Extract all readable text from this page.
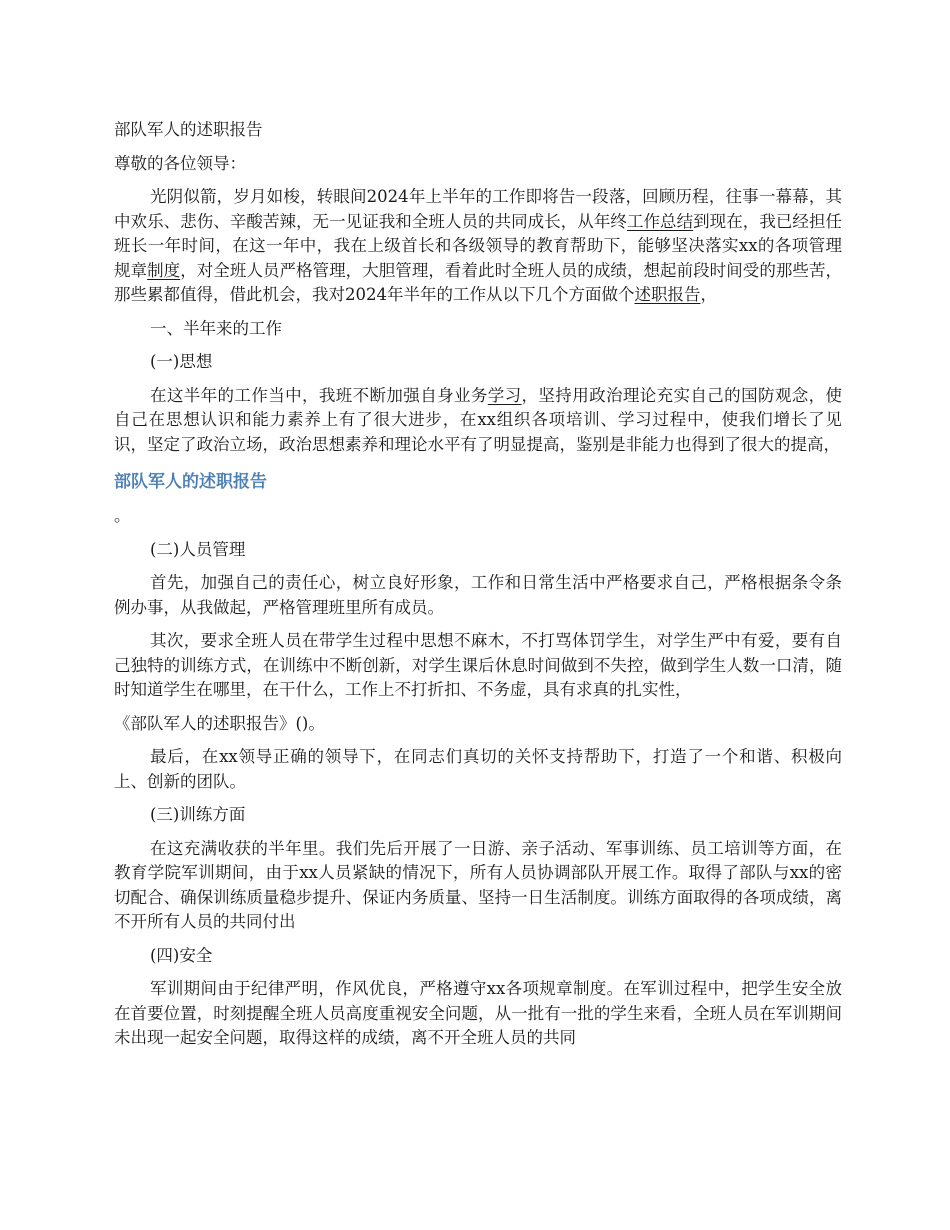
部队军人的述职报告

尊敬的各位领导：

光阴似箭，岁月如梭，转眼间2024年上半年的工作即将告一段落，回顾历程，往事一幕幕，其中欢乐、悲伤、辛酸苦辣，无一见证我和全班人员的共同成长，从年终工作总结到现在，我已经担任班长一年时间，在这一年中，我在上级首长和各级领导的教育帮助下，能够坚决落实xx的各项管理规章制度，对全班人员严格管理，大胆管理，看着此时全班人员的成绩，想起前段时间受的那些苦，那些累都值得，借此机会，我对2024年半年的工作从以下几个方面做个述职报告，

一、半年来的工作

(一)思想

在这半年的工作当中，我班不断加强自身业务学习，坚持用政治理论充实自己的国防观念，使自己在思想认识和能力素养上有了很大进步，在xx组织各项培训、学习过程中，使我们增长了见识，坚定了政治立场，政治思想素养和理论水平有了明显提高，鉴别是非能力也得到了很大的提高，

部队军人的述职报告

。

(二)人员管理

首先，加强自己的责任心，树立良好形象，工作和日常生活中严格要求自己，严格根据条令条例办事，从我做起，严格管理班里所有成员。

其次，要求全班人员在带学生过程中思想不麻木，不打骂体罚学生，对学生严中有爱，要有自己独特的训练方式，在训练中不断创新，对学生课后休息时间做到不失控，做到学生人数一口清，随时知道学生在哪里，在干什么，工作上不打折扣、不务虚，具有求真的扎实性，

《部队军人的述职报告》()。

最后，在xx领导正确的领导下，在同志们真切的关怀支持帮助下，打造了一个和谐、积极向上、创新的团队。

(三)训练方面

在这充满收获的半年里。我们先后开展了一日游、亲子活动、军事训练、员工培训等方面，在教育学院军训期间，由于xx人员紧缺的情况下，所有人员协调部队开展工作。取得了部队与xx的密切配合、确保训练质量稳步提升、保证内务质量、坚持一日生活制度。训练方面取得的各项成绩，离不开所有人员的共同付出

(四)安全

军训期间由于纪律严明，作风优良，严格遵守xx各项规章制度。在军训过程中，把学生安全放在首要位置，时刻提醒全班人员高度重视安全问题，从一批有一批的学生来看，全班人员在军训期间未出现一起安全问题，取得这样的成绩，离不开全班人员的共同
